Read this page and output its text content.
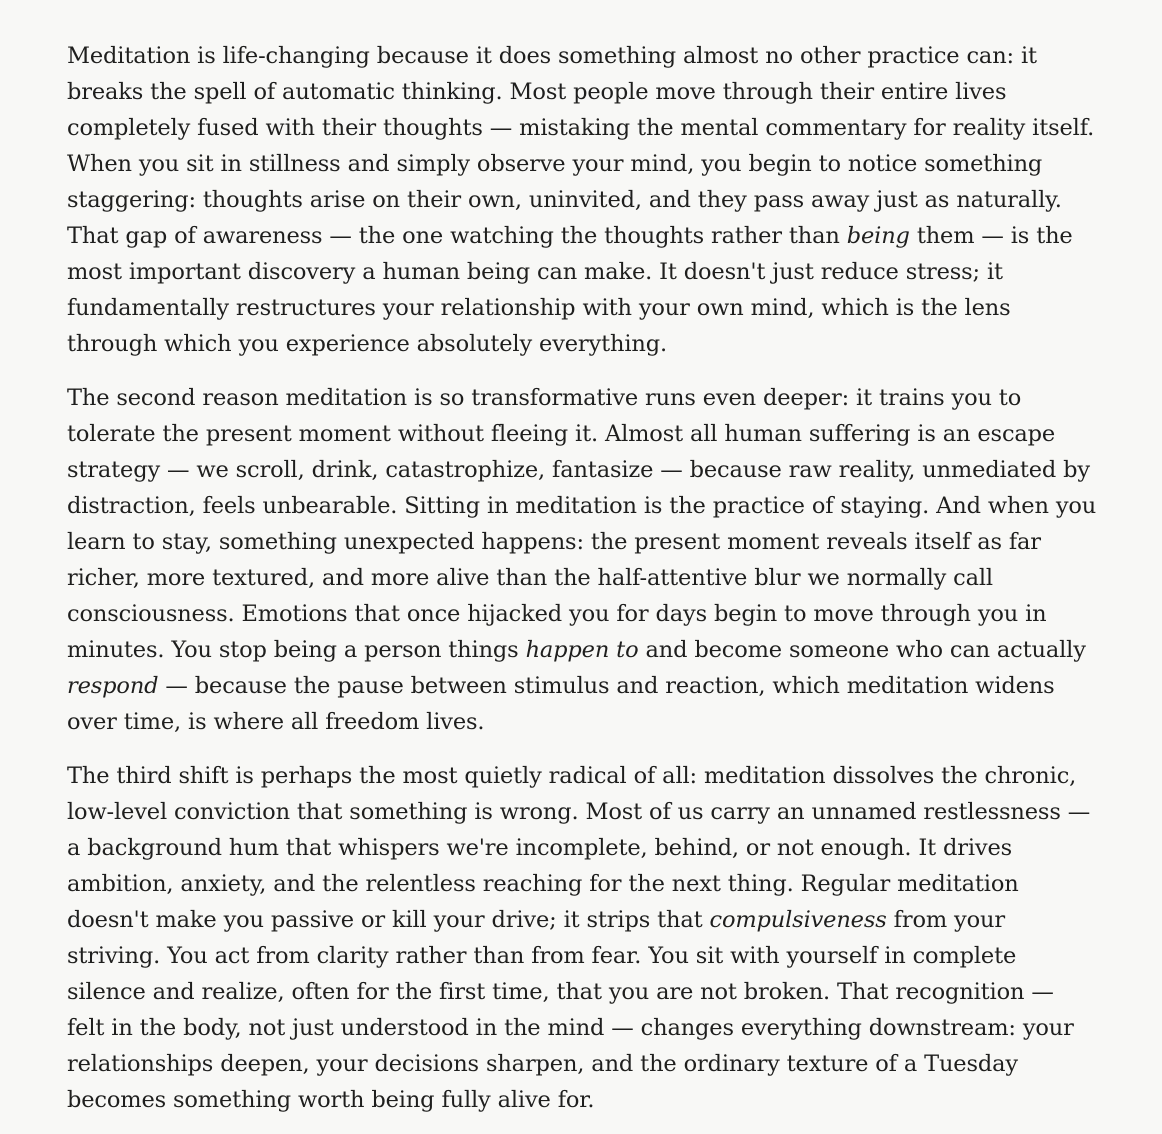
Meditation is life-changing because it does something almost no other practice can: it breaks the spell of automatic thinking. Most people move through their entire lives completely fused with their thoughts — mistaking the mental commentary for reality itself. When you sit in stillness and simply observe your mind, you begin to notice something staggering: thoughts arise on their own, uninvited, and they pass away just as naturally. That gap of awareness — the one watching the thoughts rather than being them — is the most important discovery a human being can make. It doesn't just reduce stress; it fundamentally restructures your relationship with your own mind, which is the lens through which you experience absolutely everything.

The second reason meditation is so transformative runs even deeper: it trains you to tolerate the present moment without fleeing it. Almost all human suffering is an escape strategy — we scroll, drink, catastrophize, fantasize — because raw reality, unmediated by distraction, feels unbearable. Sitting in meditation is the practice of staying. And when you learn to stay, something unexpected happens: the present moment reveals itself as far richer, more textured, and more alive than the half-attentive blur we normally call consciousness. Emotions that once hijacked you for days begin to move through you in minutes. You stop being a person things happen to and become someone who can actually respond — because the pause between stimulus and reaction, which meditation widens over time, is where all freedom lives.

The third shift is perhaps the most quietly radical of all: meditation dissolves the chronic, low-level conviction that something is wrong. Most of us carry an unnamed restlessness — a background hum that whispers we're incomplete, behind, or not enough. It drives ambition, anxiety, and the relentless reaching for the next thing. Regular meditation doesn't make you passive or kill your drive; it strips that compulsiveness from your striving. You act from clarity rather than from fear. You sit with yourself in complete silence and realize, often for the first time, that you are not broken. That recognition — felt in the body, not just understood in the mind — changes everything downstream: your relationships deepen, your decisions sharpen, and the ordinary texture of a Tuesday becomes something worth being fully alive for.
